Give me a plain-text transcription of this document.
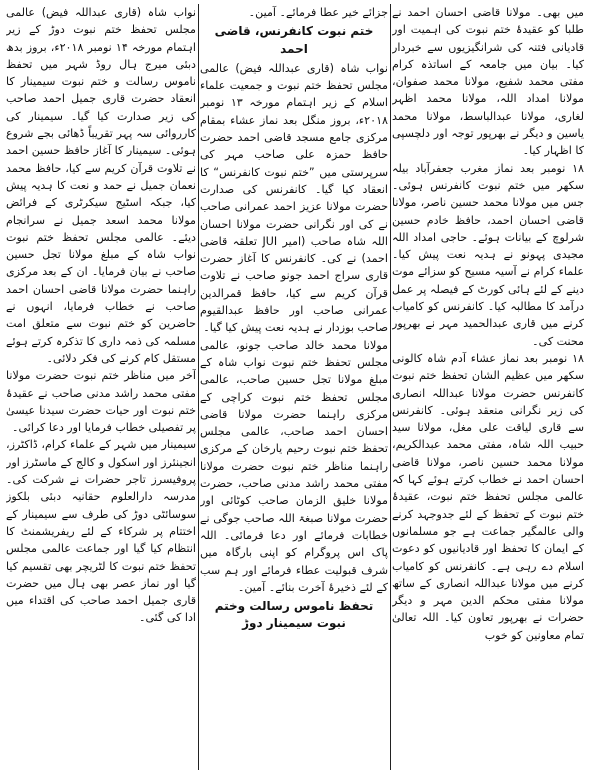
میں بھی۔ مولانا قاضی احسان احمد نے طلبا کو عقیدۂ ختم نبوت کی اہمیت اور قادیانی فتنہ کی شرانگیزیوں سے خبردار کیا۔ بیان میں جامعہ کے اساتذہ کرام مفتی محمد شفیع، مولانا محمد صفوان، مولانا امداد اللہ، مولانا محمد اظہر لغاری، مولانا عبدالباسط، مولانا محمد یاسین و دیگر نے بھرپور توجہ اور دلچسپی کا اظہار کیا۔

۱۸ نومبر بعد نماز مغرب جعفرآباد بیلہ سکھر میں ختم نبوت کانفرنس ہوئی۔ جس میں مولانا محمد حسین ناصر، مولانا قاضی احسان احمد، حافظ خادم حسین شرلوچ کے بیانات ہوئے۔ حاجی امداد اللہ مجیدی پہونو نے ہدیہ نعت پیش کیا۔ علماء کرام نے آسیہ مسیح کو سزائے موت دینے کے لئے ہائی کورٹ کے فیصلہ پر عمل درآمد کا مطالبہ کیا۔ کانفرنس کو کامیاب کرنے میں قاری عبدالحمید مہر نے بھرپور محنت کی۔

۱۸ نومبر بعد نماز عشاء آدم شاہ کالونی سکھر میں عظیم الشان تحفظ ختم نبوت کانفرنس حضرت مولانا عبداللہ انصاری کی زیر نگرانی منعقد ہوئی۔ کانفرنس سے قاری لیاقت علی مغل، مولانا سید حبیب اللہ شاہ، مفتی محمد عبدالکریم، مولانا محمد حسین ناصر، مولانا قاضی احسان احمد نے خطاب کرتے ہوئے کہا کہ عالمی مجلس تحفظ ختم نبوت، عقیدۂ ختم نبوت کے تحفظ کے لئے جدوجہد کرنے والی عالمگیر جماعت ہے جو مسلمانوں کے ایمان کا تحفظ اور قادیانیوں کو دعوت اسلام دے رہی ہے۔ کانفرنس کو کامیاب کرنے میں مولانا عبداللہ انصاری کے ساتھ مولانا مفتی محکم الدین مہر و دیگر حضرات نے بھرپور تعاون کیا۔ اللہ تعالیٰ تمام معاونین کو خوب

جزائے خیر عطا فرمائے۔ آمین۔

ختم نبوت کانفرنس، قاضی احمد

نواب شاہ (قاری عبداللہ فیض) عالمی مجلس تحفظ ختم نبوت و جمعیت علماء اسلام کے زیر اہتمام مورخہ ۱۳ نومبر ۲۰۱۸ء، بروز منگل بعد نماز عشاء بمقام مرکزی جامع مسجد قاضی احمد حضرت حافظ حمزہ علی صاحب مہر کی سرپرستی میں ”ختم نبوت کانفرنس“ کا انعقاد کیا گیا۔ کانفرنس کی صدارت حضرت مولانا عزیز احمد عمرانی صاحب نے کی اور نگرانی حضرت مولانا احسان اللہ شاہ صاحب (امیر JUI تعلقہ قاضی احمد) نے کی۔ کانفرنس کا آغاز حضرت قاری سراج احمد جونو صاحب نے تلاوت قرآن کریم سے کیا، حافظ قمرالدین عمرانی صاحب اور حافظ عبدالقیوم صاحب بوزدار نے ہدیہ نعت پیش کیا گیا۔

مولانا محمد خالد صاحب جونو، عالمی مجلس تحفظ ختم نبوت نواب شاہ کے مبلغ مولانا تجل حسین صاحب، عالمی مجلس تحفظ ختم نبوت کراچی کے مرکزی راہنما حضرت مولانا قاضی احسان احمد صاحب، عالمی مجلس تحفظ ختم نبوت رحیم یارخان کے مرکزی راہنما مناظر ختم نبوت حضرت مولانا مفتی محمد راشد مدنی صاحب، حضرت مولانا خلیق الزمان صاحب کوٹائی اور حضرت مولانا صبغۃ اللہ صاحب جوگی نے خطابات فرمائے اور دعا فرمائی۔ اللہ پاک اس پروگرام کو اپنی بارگاہ میں شرف قبولیت عطاء فرمائے اور ہم سب کے لئے ذخیرۂ آخرت بنائے۔ آمین۔

تحفظ ناموس رسالت وختم نبوت سیمینار دوڑ

نواب شاہ (قاری عبداللہ فیض) عالمی مجلس تحفظ ختم نبوت دوڑ کے زیر اہتمام مورخہ ۱۴ نومبر ۲۰۱۸ء، بروز بدھ دبئی میرج ہال روڈ شہر میں تحفظ ناموس رسالت و ختم نبوت سیمینار کا انعقاد حضرت قاری جمیل احمد صاحب کی زیر صدارت کیا گیا۔ سیمینار کی کارروائی سہ پہر تقریباً ڈھائی بجے شروع ہوئی۔ سیمینار کا آغاز حافظ حسین احمد نے تلاوت قرآن کریم سے کیا، حافظ محمد نعمان جمیل نے حمد و نعت کا ہدیہ پیش کیا، جبکہ اسٹیج سیکرٹری کے فرائض مولانا محمد اسعد جمیل نے سرانجام دیئے۔ عالمی مجلس تحفظ ختم نبوت نواب شاہ کے مبلغ مولانا تجل حسین صاحب نے بیان فرمایا۔ ان کے بعد مرکزی راہنما حضرت مولانا قاضی احسان احمد صاحب نے خطاب فرمایا، انہوں نے حاضرین کو ختم نبوت سے متعلق امت مسلمہ کی ذمہ داری کا تذکرہ کرتے ہوئے مستقل کام کرنے کی فکر دلائی۔

آخر میں مناظر ختم نبوت حضرت مولانا مفتی محمد راشد مدنی صاحب نے عقیدۂ ختم نبوت اور حیات حضرت سیدنا عیسیٰ پر تفصیلی خطاب فرمایا اور دعا کرائی۔

سیمینار میں شہر کے علماء کرام، ڈاکٹرز، انجینئرز اور اسکول و کالج کے ماسٹرز اور پروفیسرز تاجر حضرات نے شرکت کی۔ مدرسہ دارالعلوم حقانیہ دبئی بلکوز سوسائٹی دوڑ کی طرف سے سیمینار کے اختتام پر شرکاء کے لئے ریفریشمنٹ کا انتظام کیا گیا اور جماعت عالمی مجلس تحفظ ختم نبوت کا لٹریچر بھی تقسیم کیا گیا اور نماز عصر بھی ہال میں حضرت قاری جمیل احمد صاحب کی اقتداء میں ادا کی گئی۔
